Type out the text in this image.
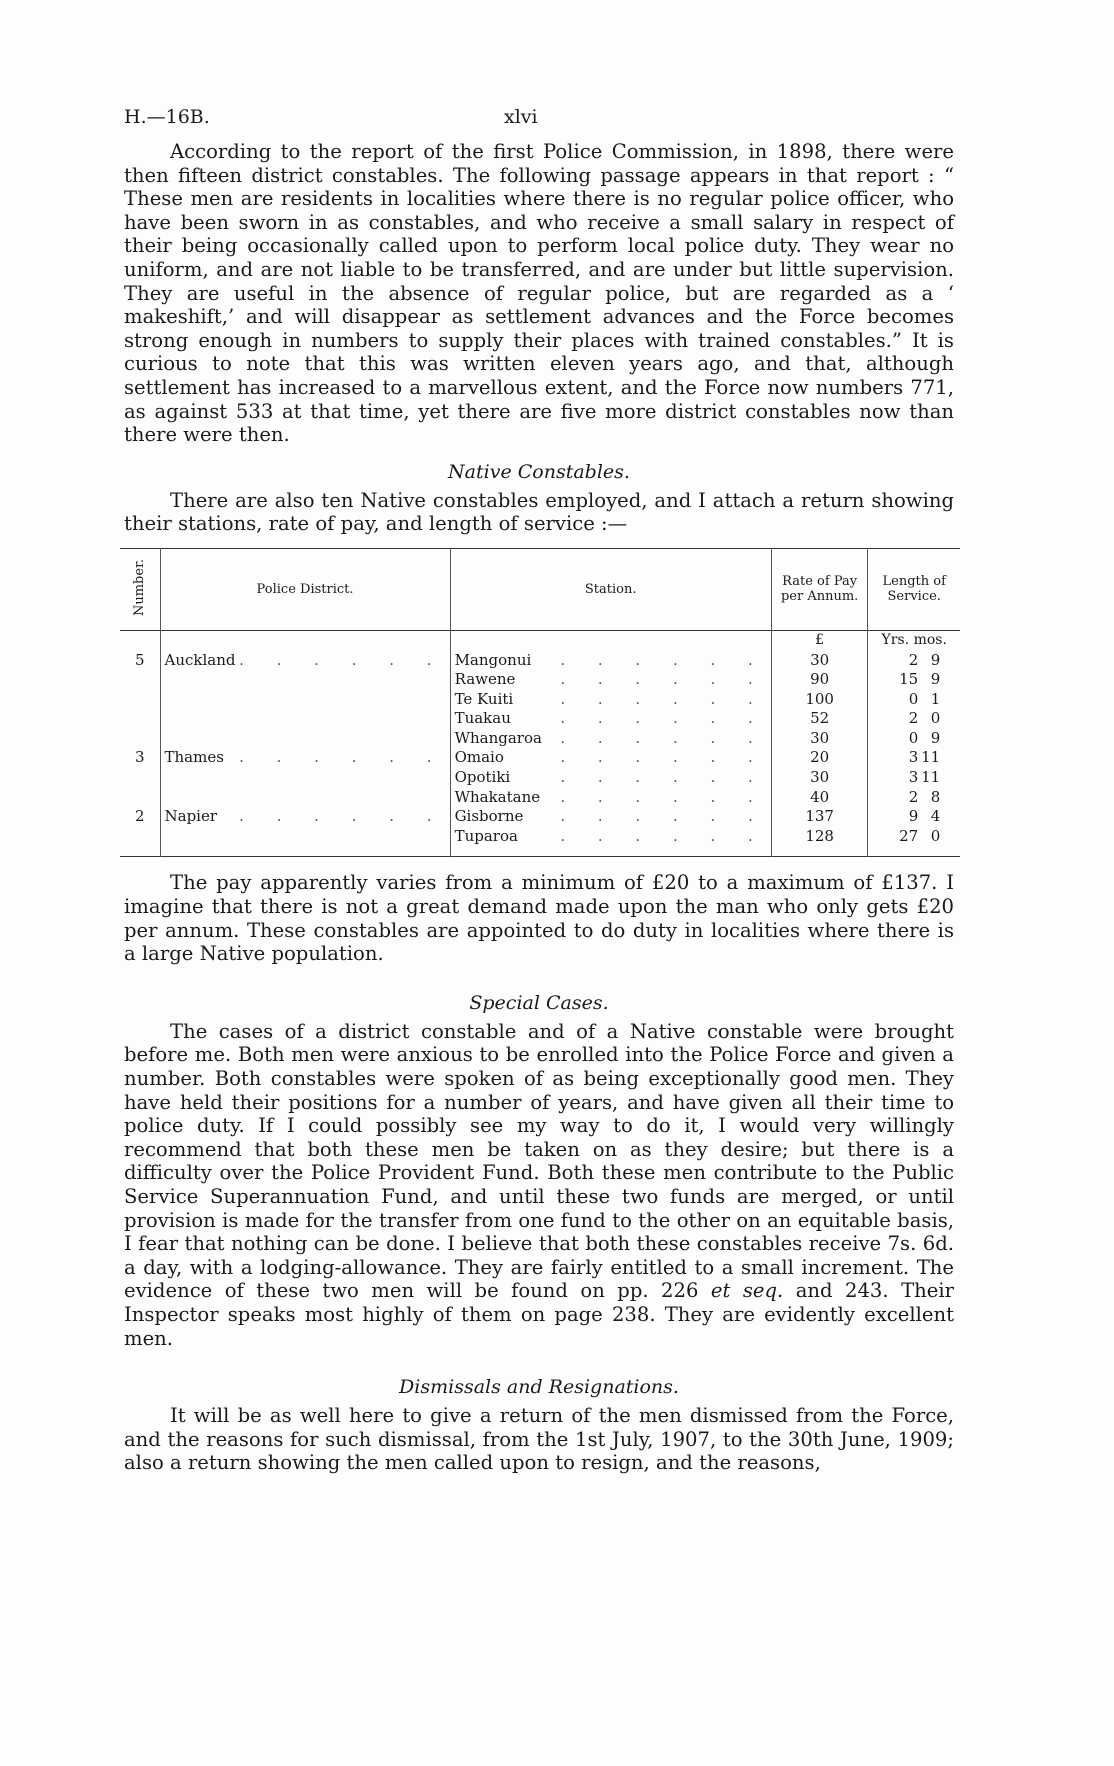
H.—16B.	xlvi

According to the report of the first Police Commission, in 1898, there were then fifteen district constables. The following passage appears in that report : “ These men are residents in localities where there is no regular police officer, who have been sworn in as constables, and who receive a small salary in respect of their being occasionally called upon to perform local police duty. They wear no uniform, and are not liable to be transferred, and are under but little supervision. They are useful in the absence of regular police, but are regarded as a ‘ makeshift,’ and will disappear as settlement advances and the Force becomes strong enough in numbers to supply their places with trained constables.” It is curious to note that this was written eleven years ago, and that, although settlement has increased to a marvellous extent, and the Force now numbers 771, as against 533 at that time, yet there are five more district constables now than there were then.

Native Constables.

There are also ten Native constables employed, and I attach a return showing their stations, rate of pay, and length of service :—

Number.	Police District.	Station.	Rate of Pay per Annum.	Length of Service.
			£	Yrs. mos.
5	Auckland . . . . . .	Mangonui . . . . . .	30	2 9
		Rawene . . . . . .	90	15 9
		Te Kuiti . . . . . .	100	0 1
		Tuakau . . . . . .	52	2 0
		Whangaroa . . . . . .	30	0 9
3	Thames . . . . . .	Omaio . . . . . .	20	3 11
		Opotiki . . . . . .	30	3 11
		Whakatane . . . . . .	40	2 8
2	Napier . . . . . .	Gisborne . . . . . .	137	9 4
		Tuparoa . . . . . .	128	27 0

The pay apparently varies from a minimum of £20 to a maximum of £137. I imagine that there is not a great demand made upon the man who only gets £20 per annum. These constables are appointed to do duty in localities where there is a large Native population.

Special Cases.

The cases of a district constable and of a Native constable were brought before me. Both men were anxious to be enrolled into the Police Force and given a number. Both constables were spoken of as being exceptionally good men. They have held their positions for a number of years, and have given all their time to police duty. If I could possibly see my way to do it, I would very willingly recommend that both these men be taken on as they desire; but there is a difficulty over the Police Provident Fund. Both these men contribute to the Public Service Superannuation Fund, and until these two funds are merged, or until provision is made for the transfer from one fund to the other on an equitable basis, I fear that nothing can be done. I believe that both these constables receive 7s. 6d. a day, with a lodging-allowance. They are fairly entitled to a small increment. The evidence of these two men will be found on pp. 226 et seq. and 243. Their Inspector speaks most highly of them on page 238. They are evidently excellent men.

Dismissals and Resignations.

It will be as well here to give a return of the men dismissed from the Force, and the reasons for such dismissal, from the 1st July, 1907, to the 30th June, 1909; also a return showing the men called upon to resign, and the reasons,
